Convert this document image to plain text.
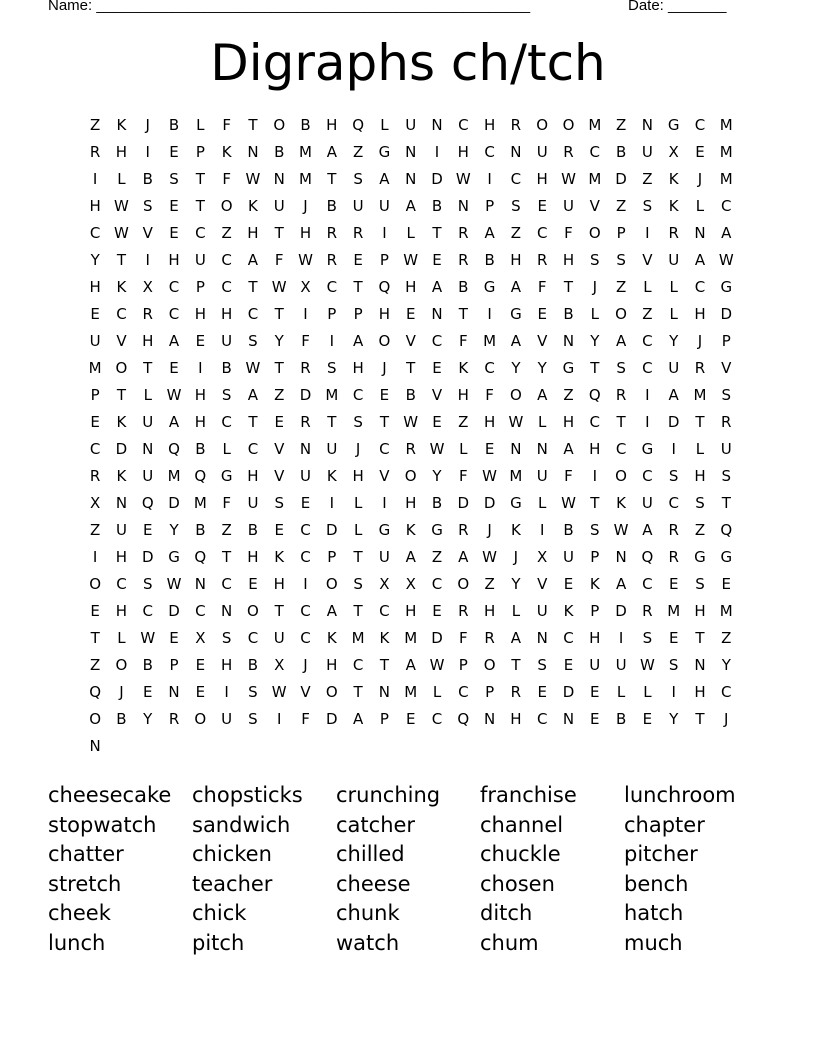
Name: ____________________________________________________	Date: _______
Digraphs ch/tch
Z	K	J	B	L	F	T	O	B	H Q	L	U	N	C	H	R	O O M Z	N G	C M
R	H	I	E	P	K	N	B M A	Z	G N	I	H	C	N	U	R	C	B	U	X	E	M
I	L	B	S	T	F W N M	T	S	A	N D W	I	C	H W M D	Z	K	J	M
H W S	E	T	O	K	U	J	B	U	U	A	B	N	P	S	E	U	V	Z	S	K	L	C
C W V	E	C	Z	H	T	H	R	R	I	L	T	R	A	Z	C	F	O	P	I	R	N	A
Y	T	I	H	U	C	A	F W R	E	P W E	R	B	H	R	H	S	S	V	U	A W
H	K	X	C	P	C	T W X	C	T	Q H	A	B	G	A	F	T	J	Z	L	L	C	G
E	C	R	C	H	H	C	T	I	P	P	H	E	N	T	I	G	E	B	L	O	Z	L	H D
U	V	H	A	E	U	S	Y	F	I	A	O	V	C	F	M A	V	N	Y	A	C	Y	J	P
M O	T	E	I	B W T	R	S	H	J	T	E	K	C	Y	Y	G	T	S	C	U	R	V
P	T	L W H	S	A	Z	D M C	E	B	V	H	F	O	A	Z	Q	R	I	A M	S
E	K	U	A	H	C	T	E	R	T	S	T W E	Z	H W L	H	C	T	I	D	T	R
C	D N Q	B	L	C	V	N	U	J	C	R W L	E	N	N	A	H	C	G	I	L	U
R	K	U M Q G H	V	U	K	H	V	O	Y	F W M U	F	I	O	C	S	H	S
X	N Q D M	F	U	S	E	I	L	I	H	B	D D G	L W T	K	U	C	S	T
Z	U	E	Y	B	Z	B	E	C	D	L	G	K	G	R	J	K	I	B	S W A	R	Z	Q
I	H D G Q	T	H	K	C	P	T	U	A	Z	A W	J	X	U	P	N Q	R	G G
O	C	S W N	C	E	H	I	O	S	X	X	C	O	Z	Y	V	E	K	A	C	E	S	E
E	H	C	D	C	N O	T	C	A	T	C	H	E	R	H	L	U	K	P	D	R M H M
T	L W E	X	S	C	U	C	K M K M D	F	R	A	N	C	H	I	S	E	T	Z
Z	O	B	P	E	H	B	X	J	H	C	T	A W P	O	T	S	E	U	U W S	N	Y
Q	J	E	N	E	I	S W V	O	T	N M	L	C	P	R	E	D	E	L	L	I	H	C
O	B	Y	R	O U	S	I	F	D	A	P	E	C	Q N	H	C	N	E	B	E	Y	T	J
N
cheesecake chopsticks	crunching	franchise	lunchroom
stopwatch	sandwich	catcher	channel	chapter
chatter	chicken	chilled	chuckle	pitcher
stretch	teacher	cheese	chosen	bench
cheek	chick	chunk	ditch	hatch
lunch	pitch	watch	chum	much
